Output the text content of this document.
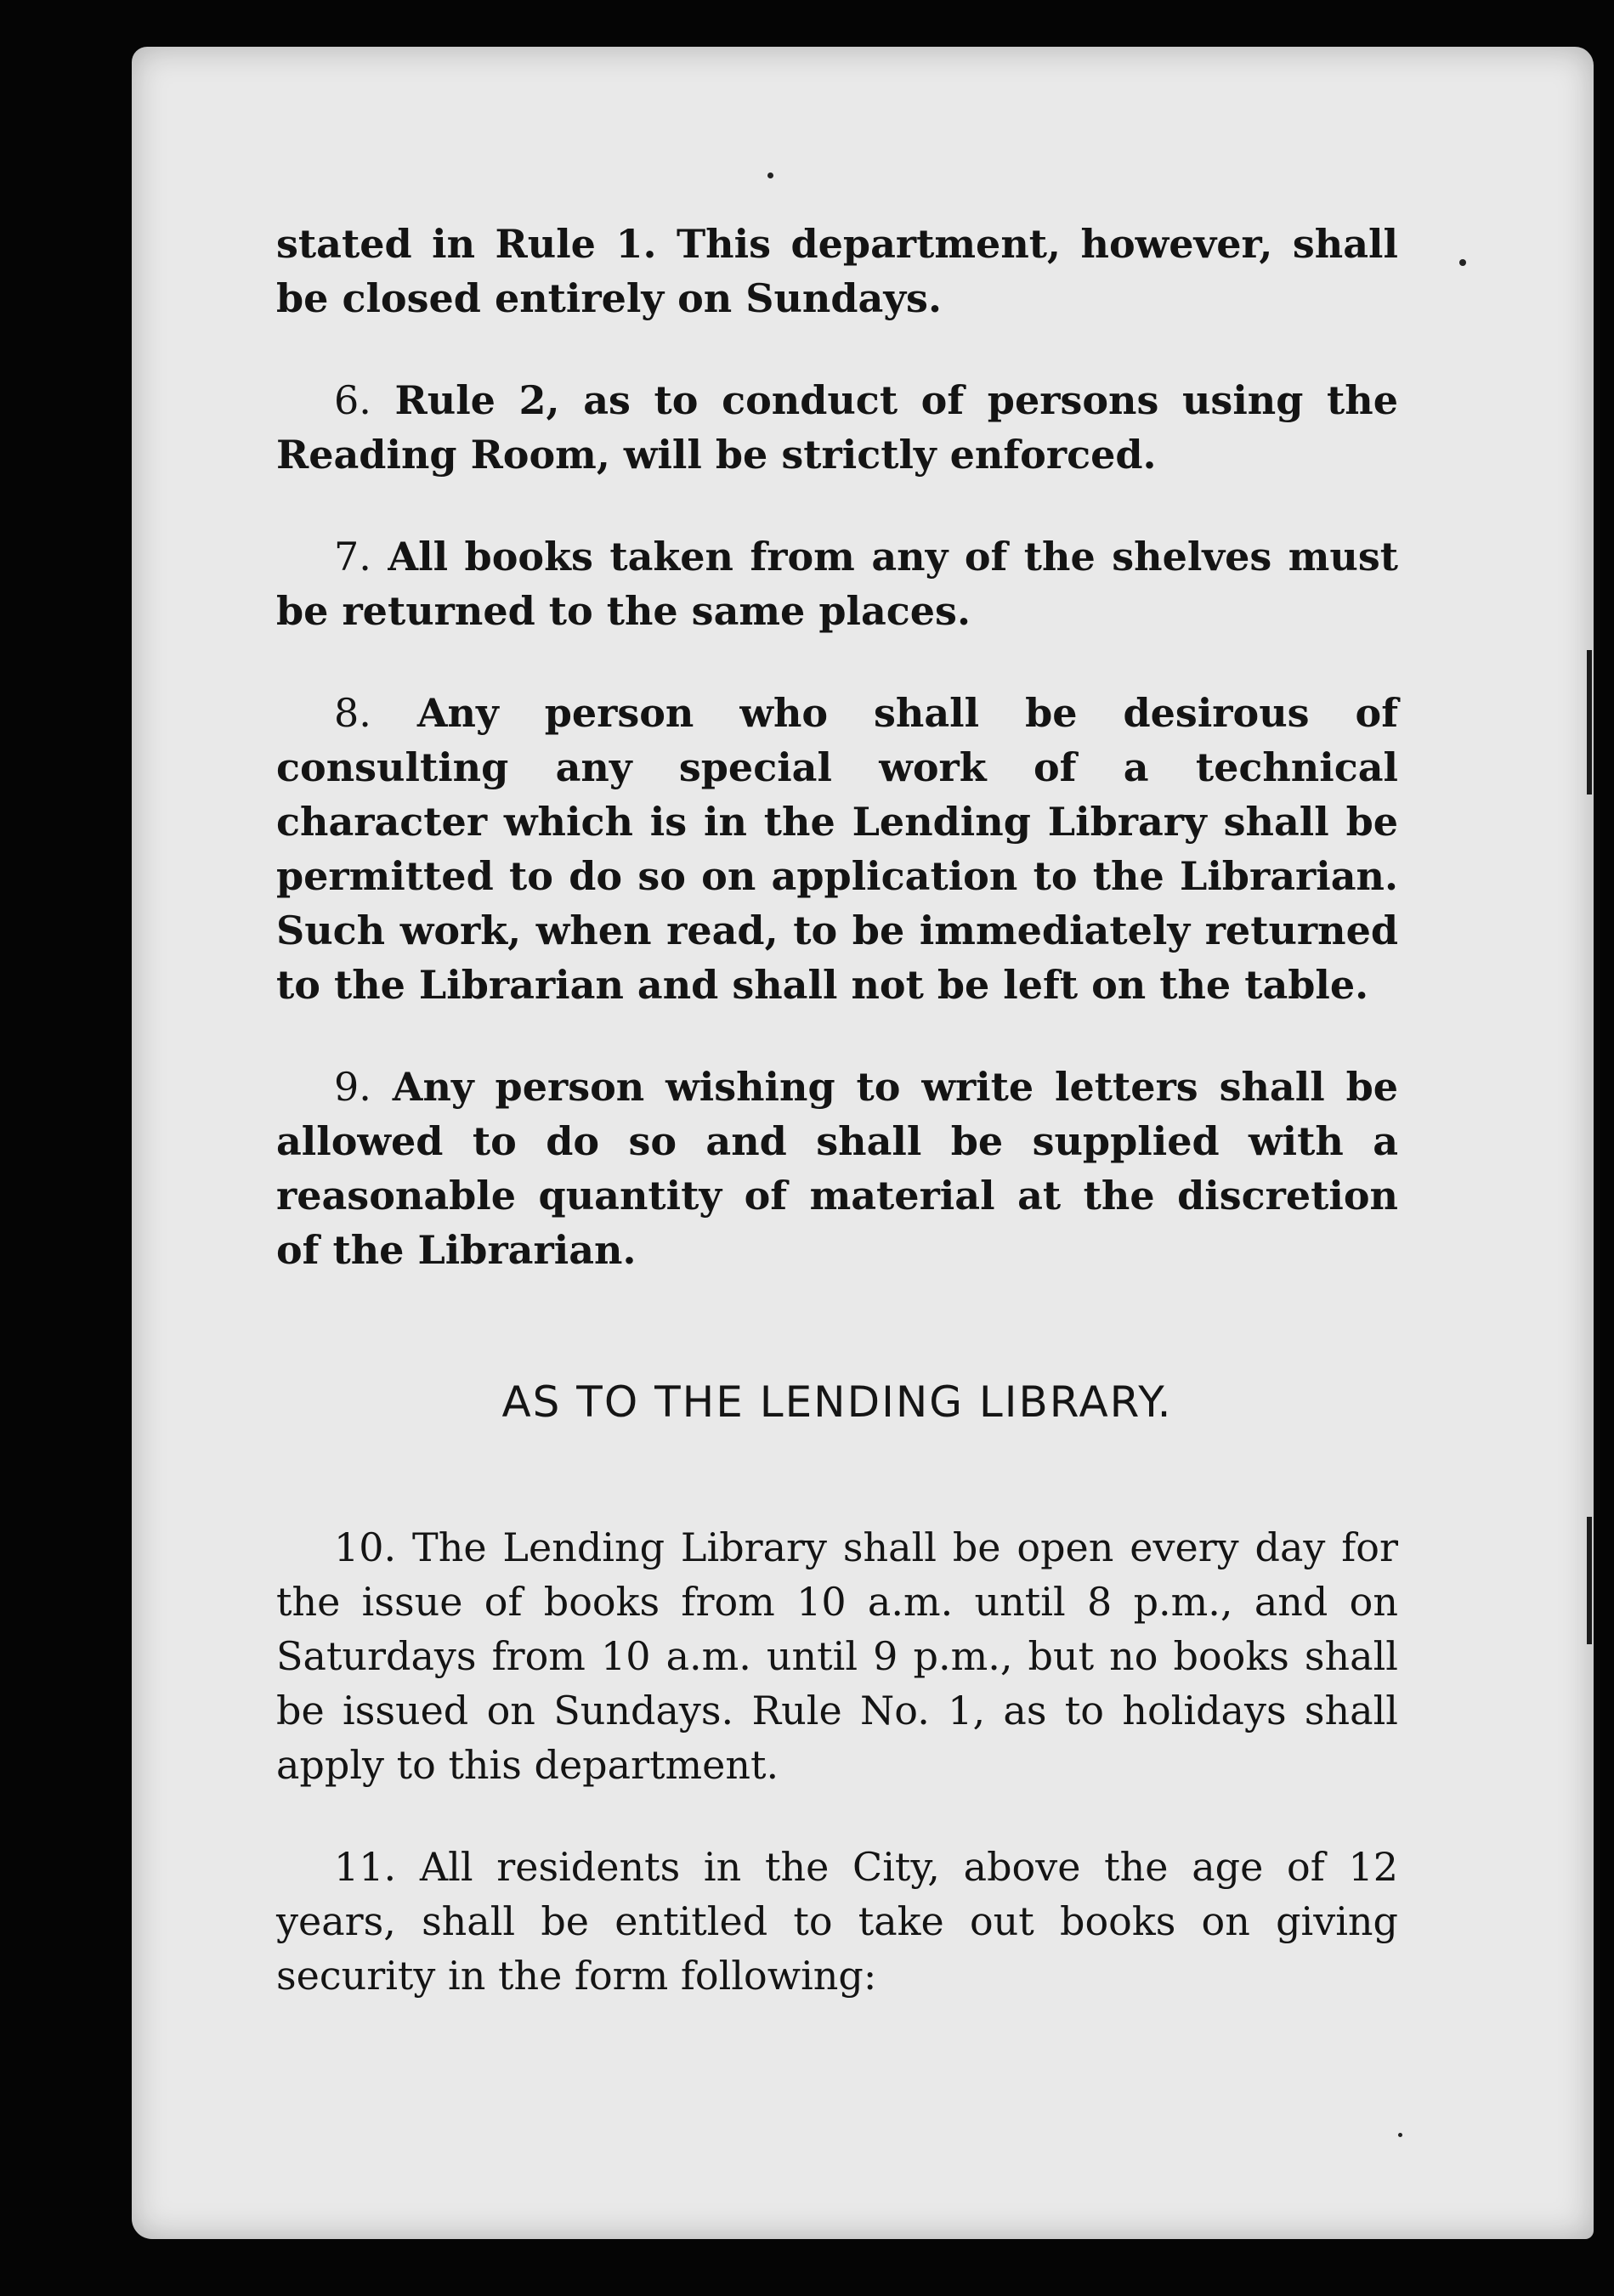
stated in Rule 1. This department, however, shall be closed entirely on Sundays.

6. Rule 2, as to conduct of persons using the Reading Room, will be strictly enforced.

7. All books taken from any of the shelves must be returned to the same places.

8. Any person who shall be desirous of consulting any special work of a technical character which is in the Lending Library shall be permitted to do so on application to the Librarian. Such work, when read, to be immediately returned to the Librarian and shall not be left on the table.

9. Any person wishing to write letters shall be allowed to do so and shall be supplied with a reasonable quantity of material at the discretion of the Librarian.

AS TO THE LENDING LIBRARY.

10. The Lending Library shall be open every day for the issue of books from 10 a.m. until 8 p.m., and on Saturdays from 10 a.m. until 9 p.m., but no books shall be issued on Sundays. Rule No. 1, as to holidays shall apply to this department.

11. All residents in the City, above the age of 12 years, shall be entitled to take out books on giving security in the form following:
